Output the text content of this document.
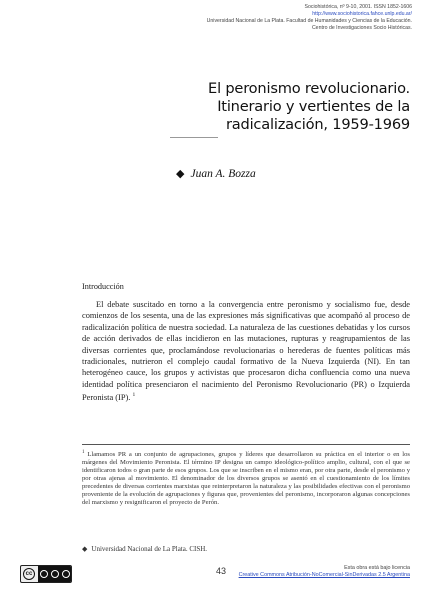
Sociohistórica, nº 9-10, 2001. ISSN 1852-1606
http://www.sociohistorica.fahce.unlp.edu.ar/
Universidad Nacional de La Plata. Facultad de Humanidades y Ciencias de la Educación.
Centro de Investigaciones Socio Históricas.
El peronismo revolucionario.
Itinerario y vertientes de la
radicalización, 1959-1969
◆ Juan A. Bozza
Introducción
El debate suscitado en torno a la convergencia entre peronismo y socialismo fue, desde comienzos de los sesenta, una de las expresiones más significativas que acompañó al proceso de radicalización política de nuestra sociedad. La naturaleza de las cuestiones debatidas y los cursos de acción derivados de ellas incidieron en las mutaciones, rupturas y reagrupamientos de las diversas corrientes que, proclamándose revolucionarias o herederas de fuentes políticas más tradicionales, nutrieron el complejo caudal formativo de la Nueva Izquierda (NI). En tan heterogéneo cauce, los grupos y activistas que procesaron dicha confluencia como una nueva identidad política presenciaron el nacimiento del Peronismo Revolucionario (PR) o Izquierda Peronista (IP). $^1$
$^1$ Llamamos PR a un conjunto de agrupaciones, grupos y líderes que desarrollaron su práctica en el interior o en los márgenes del Movimiento Peronista. El término IP designa un campo ideológico-político amplio, cultural, con el que se identificaron todos o gran parte de esos grupos. Los que se inscriben en el mismo eran, por otra parte, desde el peronismo y por otras ajenas al movimiento. El denominador de los diversos grupos se asentó en el cuestionamiento de los límites precedentes de diversas corrientes marxistas que reinterpretaron la naturaleza y las posibilidades efectivas con el peronismo proveniente de la evolución de agrupaciones y figuras que, provenientes del peronismo, incorporaron algunas concepciones del marxismo y resignificaron el proyecto de Perón.
◆ Universidad Nacional de La Plata. CISH.
cc	43	Esta obra está bajo licencia
Creative Commons Atribución-NoComercial-SinDerivadas 2.5 Argentina
